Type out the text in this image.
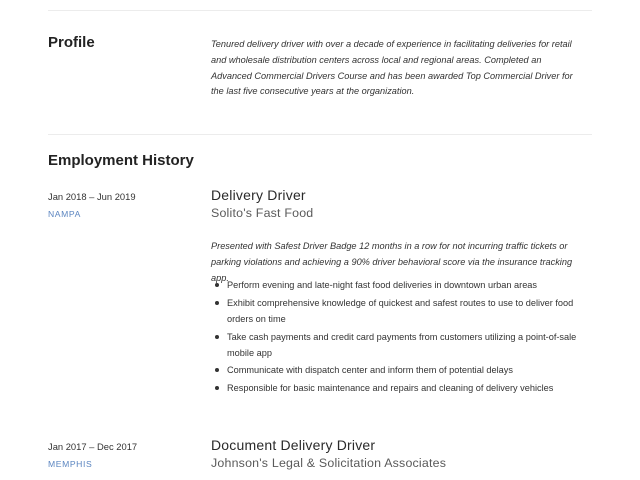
Profile	Tenured delivery driver with over a decade of experience in facilitating deliveries for retail and wholesale distribution centers across local and regional areas. Completed an Advanced Commercial Drivers Course and has been awarded Top Commercial Driver for the last five consecutive years at the organization.
Employment History
Jan 2018 – Jun 2019
NAMPA
Delivery Driver
Solito's Fast Food
Presented with Safest Driver Badge 12 months in a row for not incurring traffic tickets or parking violations and achieving a 90% driver behavioral score via the insurance tracking app.
Perform evening and late-night fast food deliveries in downtown urban areas
Exhibit comprehensive knowledge of quickest and safest routes to use to deliver food orders on time
Take cash payments and credit card payments from customers utilizing a point-of-sale mobile app
Communicate with dispatch center and inform them of potential delays
Responsible for basic maintenance and repairs and cleaning of delivery vehicles
Jan 2017 – Dec 2017
MEMPHIS
Document Delivery Driver
Johnson's Legal & Solicitation Associates
